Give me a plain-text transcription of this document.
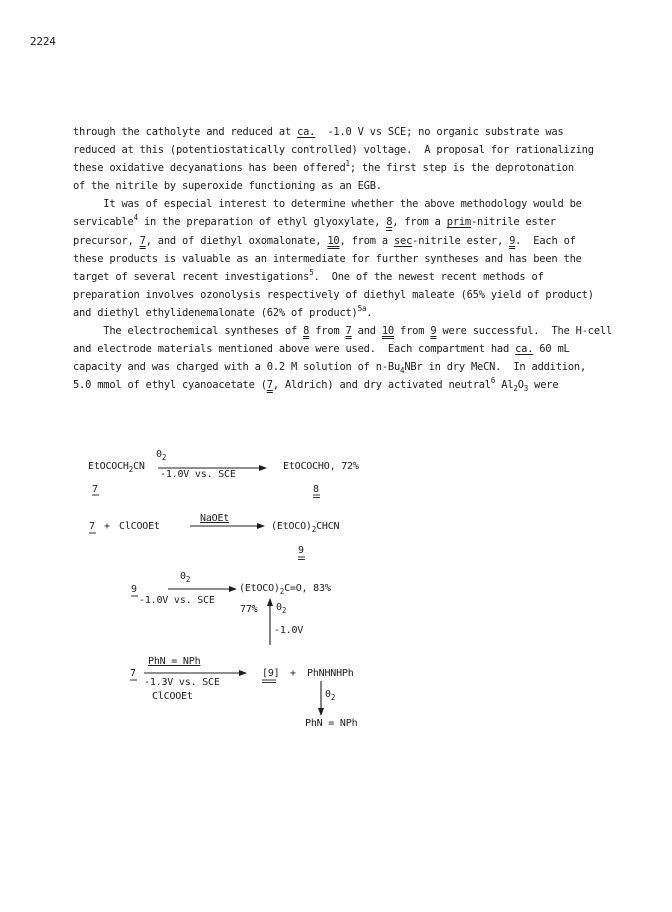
2224
through the catholyte and reduced at ca.  -1.0 V vs SCE; no organic substrate was
reduced at this (potentiostatically controlled) voltage.  A proposal for rationalizing
these oxidative decyanations has been offered$^1$; the first step is the deprotonation
of the nitrile by superoxide functioning as an EGB.
It was of especial interest to determine whether the above methodology would be
servicable$^4$ in the preparation of ethyl glyoxylate, 8, from a prim-nitrile ester
precursor, 7, and of diethyl oxomalonate, 10, from a sec-nitrile ester, 9.  Each of
these products is valuable as an intermediate for further syntheses and has been the
target of several recent investigations$^5$.  One of the newest recent methods of
preparation involves ozonolysis respectively of diethyl maleate (65% yield of product)
and diethyl ethylidenemalonate (62% of product)$^{5a}$.
The electrochemical syntheses of 8 from 7 and 10 from 9 were successful.  The H-cell
and electrode materials mentioned above were used.  Each compartment had ca. 60 mL
capacity and was charged with a 0.2 M solution of $n-Bu_4NBr$ in dry MeCN.  In addition,
5.0 mmol of ethyl cyanoacetate (7, Aldrich) and dry activated neutral$^6$ $Al_2O_3$ were
$0_2$
EtOCOCH$_2$CN
-1.0V vs. SCE
EtOCOCHO, 72%
7	8
7 + ClCOOEt
NaOEt
$(EtOCO)_2CHCN$
9
$0_2$
9	$(EtOCO)_2C=O$, 83%
-1.0V vs. SCE
77% $0_2$
-1.0V
PhN = NPh
7
-1.3V vs. SCE
ClCOOEt
[9] + PhNHNHPh
$0_2$
PhN = NPh
